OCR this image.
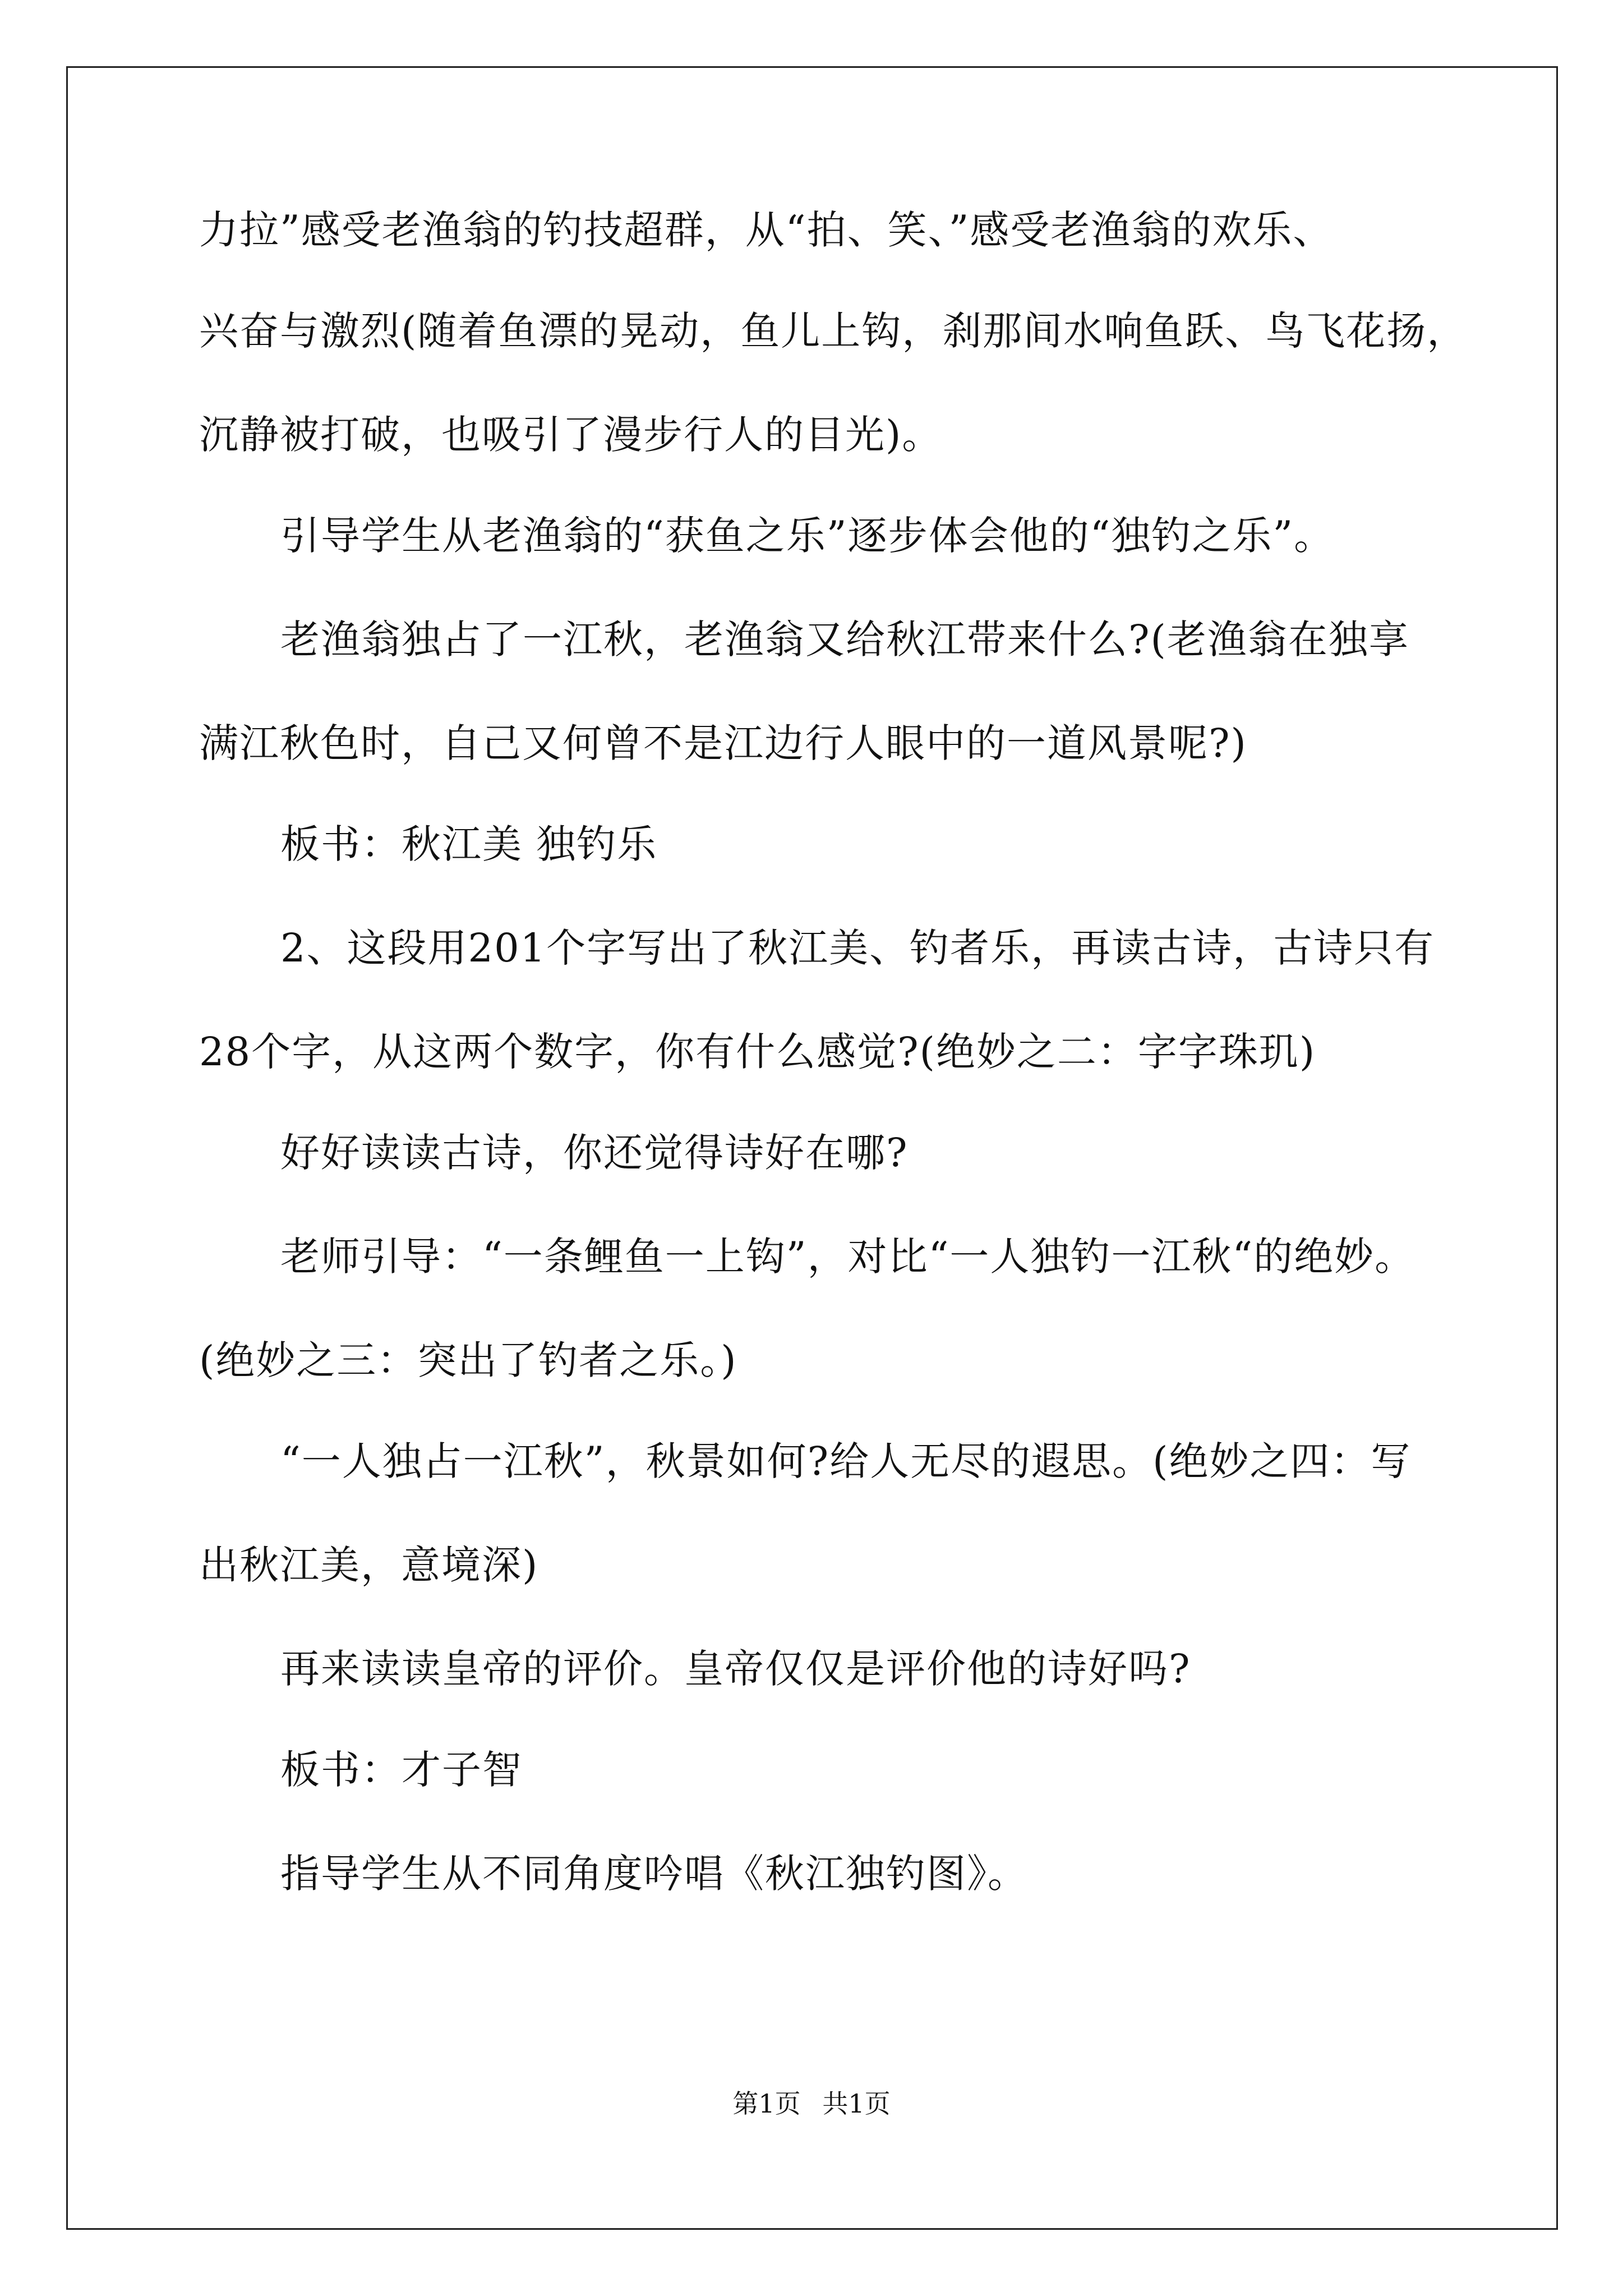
力拉”感受老渔翁的钓技超群，从“拍、笑、”感受老渔翁的欢乐、
兴奋与激烈(随着鱼漂的晃动，鱼儿上钩，刹那间水响鱼跃、鸟飞花扬，
沉静被打破，也吸引了漫步行人的目光)。
引导学生从老渔翁的“获鱼之乐”逐步体会他的“独钓之乐”。
老渔翁独占了一江秋，老渔翁又给秋江带来什么?(老渔翁在独享
满江秋色时，自己又何曾不是江边行人眼中的一道风景呢?)
板书：秋江美 独钓乐
2、这段用201个字写出了秋江美、钓者乐，再读古诗，古诗只有
28个字，从这两个数字，你有什么感觉?(绝妙之二：字字珠玑)
好好读读古诗，你还觉得诗好在哪?
老师引导：“一条鲤鱼一上钩”，对比“一人独钓一江秋“的绝妙。
(绝妙之三：突出了钓者之乐。)
“一人独占一江秋”，秋景如何?给人无尽的遐思。(绝妙之四：写
出秋江美，意境深)
再来读读皇帝的评价。皇帝仅仅是评价他的诗好吗?
板书：才子智
指导学生从不同角度吟唱《秋江独钓图》。
第1页 共1页
